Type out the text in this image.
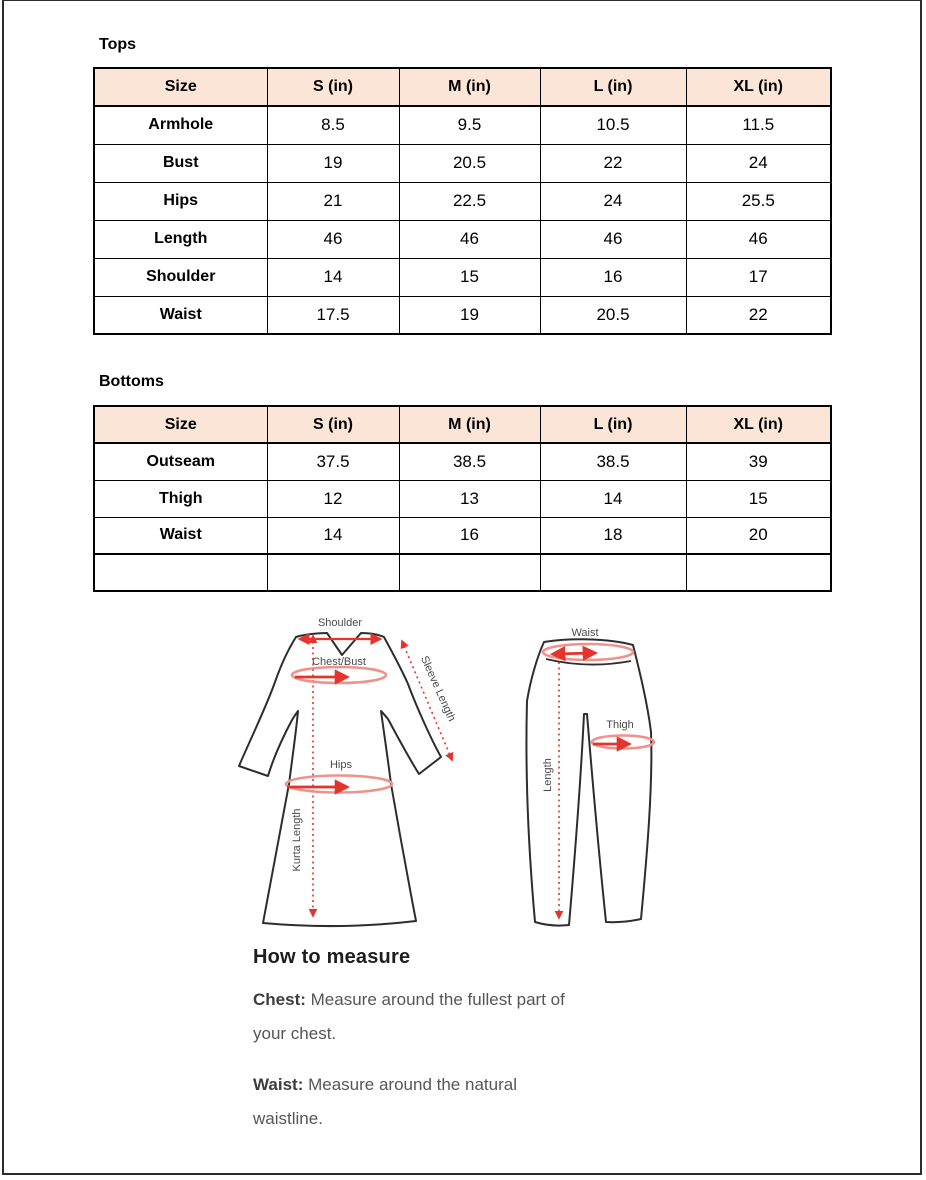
Tops
Size	S (in)	M (in)	L (in)	XL (in)
Armhole	8.5	9.5	10.5	11.5
Bust	19	20.5	22	24
Hips	21	22.5	24	25.5
Length	46	46	46	46
Shoulder	14	15	16	17
Waist	17.5	19	20.5	22
Bottoms
Size	S (in)	M (in)	L (in)	XL (in)
Outseam	37.5	38.5	38.5	39
Thigh	12	13	14	15
Waist	14	16	18	20

Shoulder
Kurta Length
Chest/Bust	Sleeve Length
Hips
Waist
Length
Thigh
How to measure

Chest: Measure around the fullest part of
your chest.

Waist: Measure around the natural
waistline.
